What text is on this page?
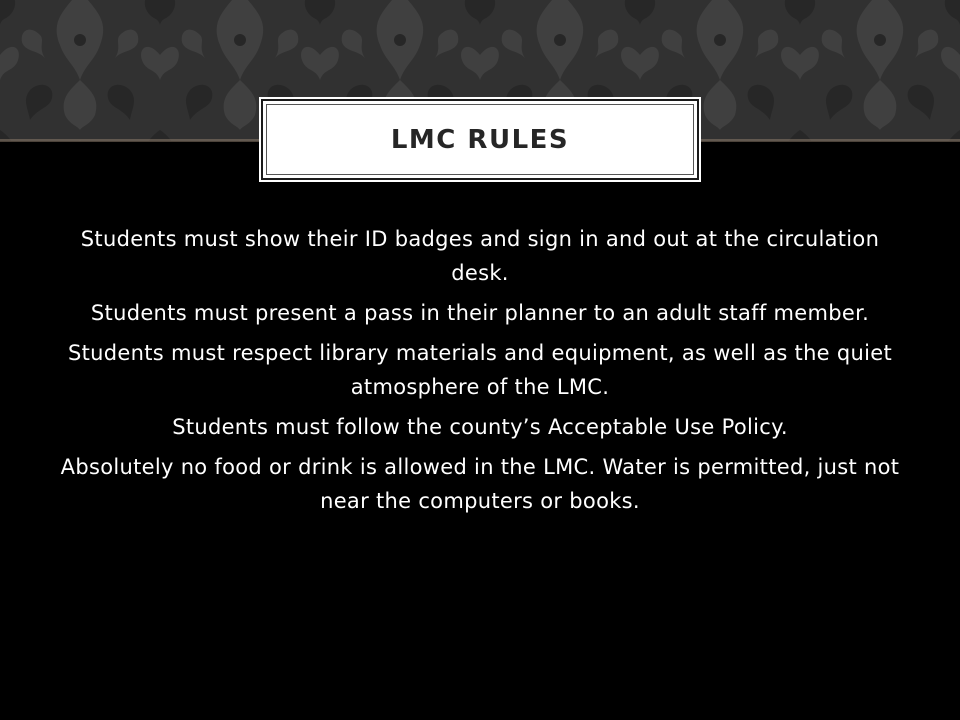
LMC RULES

Students must show their ID badges and sign in and out at the circulation desk.

Students must present a pass in their planner to an adult staff member.

Students must respect library materials and equipment, as well as the quiet atmosphere of the LMC.

Students must follow the county’s Acceptable Use Policy.

Absolutely no food or drink is allowed in the LMC. Water is permitted, just not near the computers or books.
